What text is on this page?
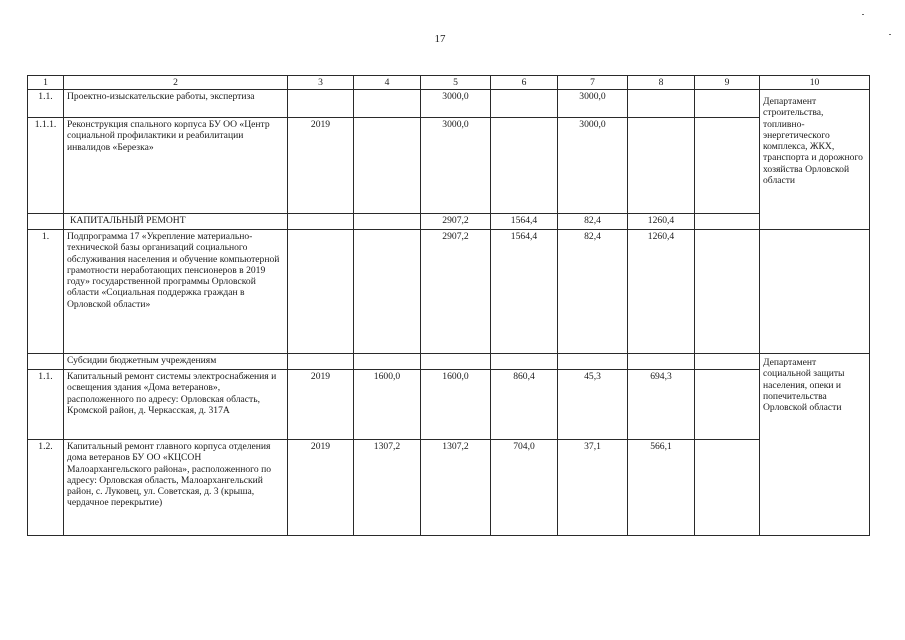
17
1	2	3	4	5	6	7	8	9	10
1.1.	Проектно-изыскательские работы, экспертиза			3000,0		3000,0			Департамент строительства, топливно-энергетического комплекса, ЖКХ, транспорта и дорожного хозяйства Орловской области
1.1.1.	Реконструкция спального корпуса БУ ОО «Центр социальной профилактики и реабилитации инвалидов «Березка»	2019		3000,0		3000,0			
	КАПИТАЛЬНЫЙ РЕМОНТ			2907,2	1564,4	82,4	1260,4		
1.	Подпрограмма 17 «Укрепление материально-технической базы организаций социального обслуживания населения и обучение компьютерной грамотности неработающих пенсионеров в 2019 году» государственной программы Орловской области «Социальная поддержка граждан в Орловской области»			2907,2	1564,4	82,4	1260,4		
	Субсидии бюджетным учреждениям								Департамент социальной защиты населения, опеки и попечительства Орловской области
1.1.	Капитальный ремонт системы электроснабжения и освещения здания «Дома ветеранов», расположенного по адресу: Орловская область, Кромской район, д. Черкасская, д. 317А	2019	1600,0	1600,0	860,4	45,3	694,3		
1.2.	Капитальный ремонт главного корпуса отделения дома ветеранов БУ ОО «КЦСОН Малоархангельского района», расположенного по адресу: Орловская область, Малоархангельский район, с. Луковец, ул. Советская, д. 3 (крыша, чердачное перекрытие)	2019	1307,2	1307,2	704,0	37,1	566,1		
